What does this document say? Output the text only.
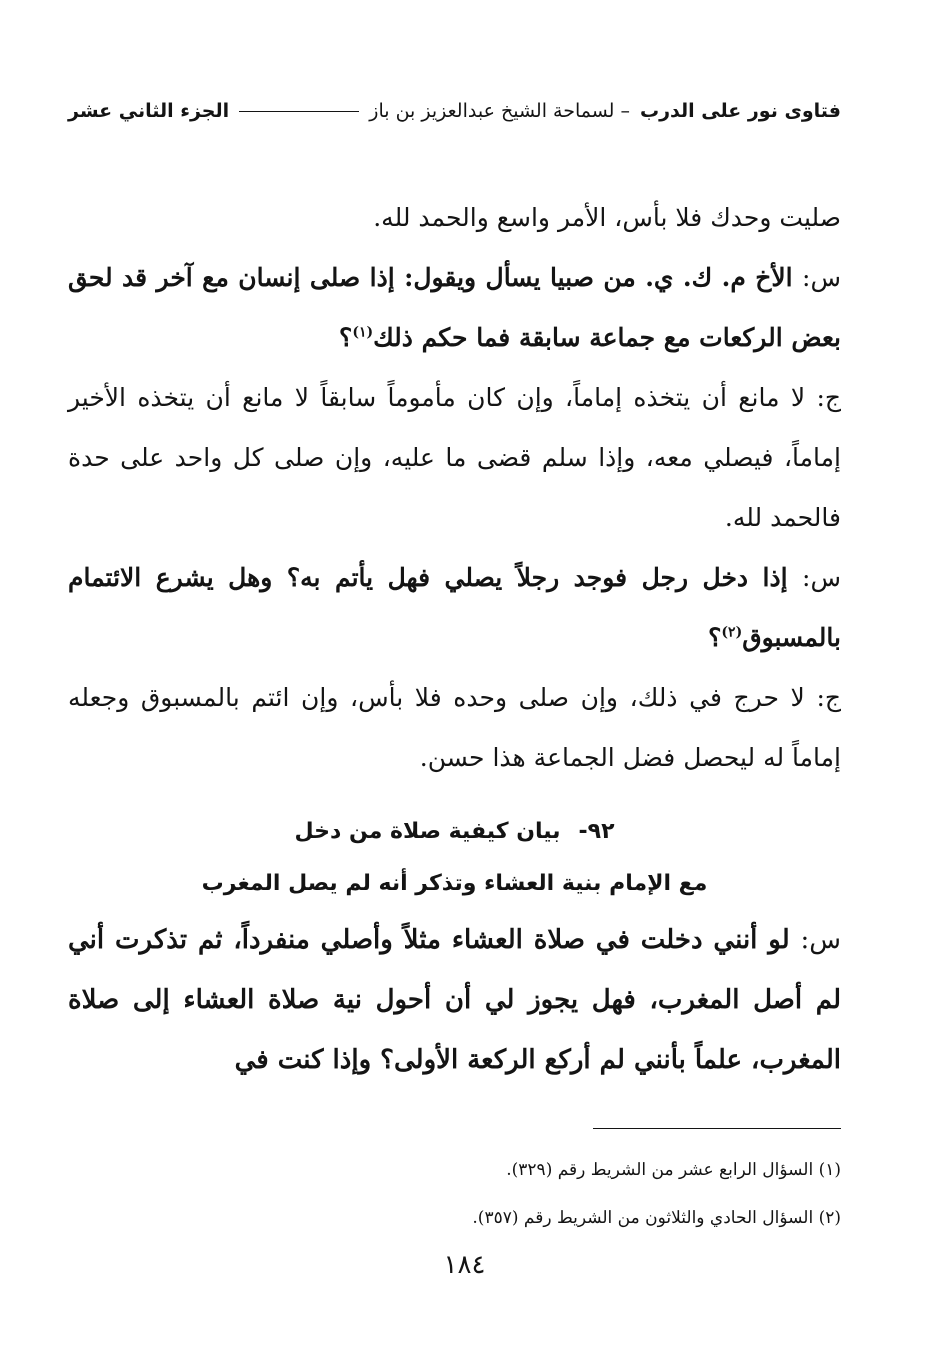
فتاوى نور على الدرب
– لسماحة الشيخ عبدالعزيز بن باز
الجزء الثاني عشر

صليت وحدك فلا بأس، الأمر واسع والحمد لله.

س: الأخ م. ك. ي. من صبيا يسأل ويقول: إذا صلى إنسان مع آخر قد لحق بعض الركعات مع جماعة سابقة فما حكم ذلك$^{(١)}$؟

ج: لا مانع أن يتخذه إماماً، وإن كان مأموماً سابقاً لا مانع أن يتخذه الأخير إماماً، فيصلي معه، وإذا سلم قضى ما عليه، وإن صلى كل واحد على حدة فالحمد لله.

س: إذا دخل رجل فوجد رجلاً يصلي فهل يأتم به؟ وهل يشرع الائتمام بالمسبوق$^{(٢)}$؟

ج: لا حرج في ذلك، وإن صلى وحده فلا بأس، وإن ائتم بالمسبوق وجعله إماماً له ليحصل فضل الجماعة هذا حسن.

٩٢-بيان كيفية صلاة من دخل
مع الإمام بنية العشاء وتذكر أنه لم يصل المغرب

س: لو أنني دخلت في صلاة العشاء مثلاً وأصلي منفرداً، ثم تذكرت أني لم أصل المغرب، فهل يجوز لي أن أحول نية صلاة العشاء إلى صلاة المغرب، علماً بأنني لم أركع الركعة الأولى؟ وإذا كنت في

(١) السؤال الرابع عشر من الشريط رقم (٣٢٩).

(٢) السؤال الحادي والثلاثون من الشريط رقم (٣٥٧).

١٨٤
